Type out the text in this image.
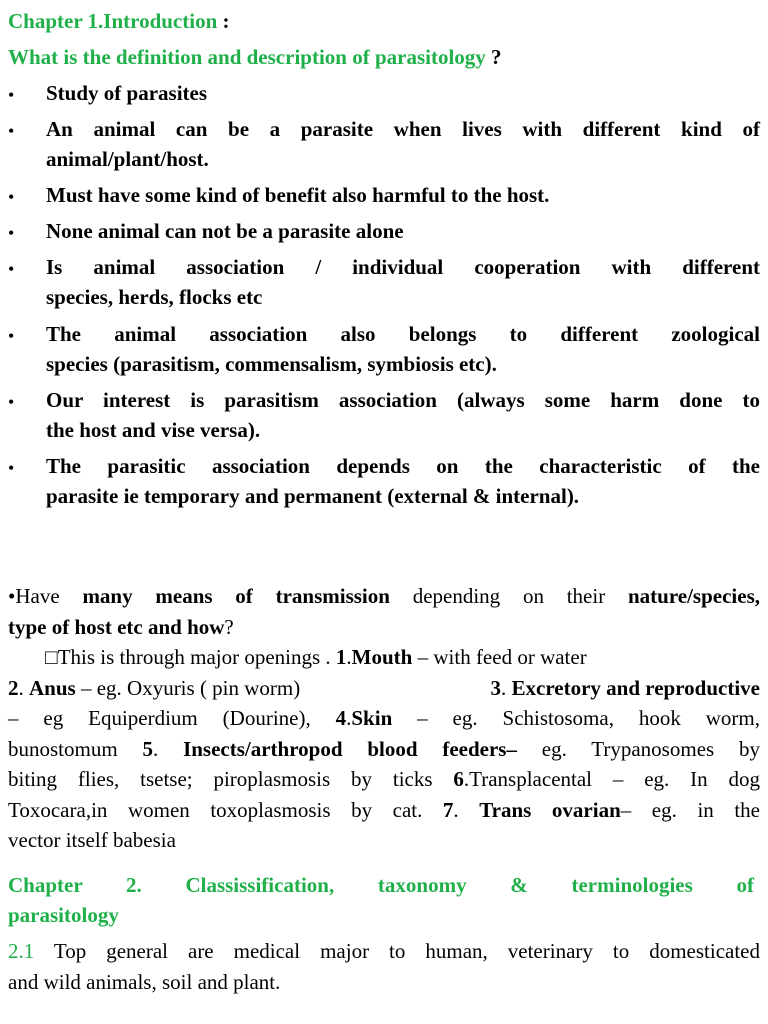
Chapter 1.Introduction :
What is the definition and description of parasitology ?
• Study of parasites
• An animal can be a parasite when lives with different kind of
animal/plant/host.
• Must have some kind of benefit also harmful to the host.
• None animal can not be a parasite alone
• Is animal association / individual cooperation with different
species, herds, flocks etc
• The animal association also belongs to different zoological
species (parasitism, commensalism, symbiosis etc).
• Our interest is parasitism association (always some harm done to
the host and vise versa).
• The parasitic association depends on the characteristic of the
parasite ie temporary and permanent (external & internal).
•Have many means of transmission depending on their nature/species,
type of host etc and how?
□This is through major openings . 1.Mouth – with feed or water
2. Anus – eg. Oxyuris ( pin worm)	3. Excretory and reproductive
– eg Equiperdium (Dourine), 4.Skin – eg. Schistosoma, hook worm,
bunostomum 5. Insects/arthropod blood feeders– eg. Trypanosomes by
biting flies, tsetse; piroplasmosis by ticks 6.Transplacental – eg. In dog
Toxocara,in women toxoplasmosis by cat. 7. Trans ovarian– eg. in the
vector itself babesia
Chapter 2. Classissification, taxonomy & terminologies of
parasitology
2.1 Top general are medical major to human, veterinary to domesticated
and wild animals, soil and plant.
